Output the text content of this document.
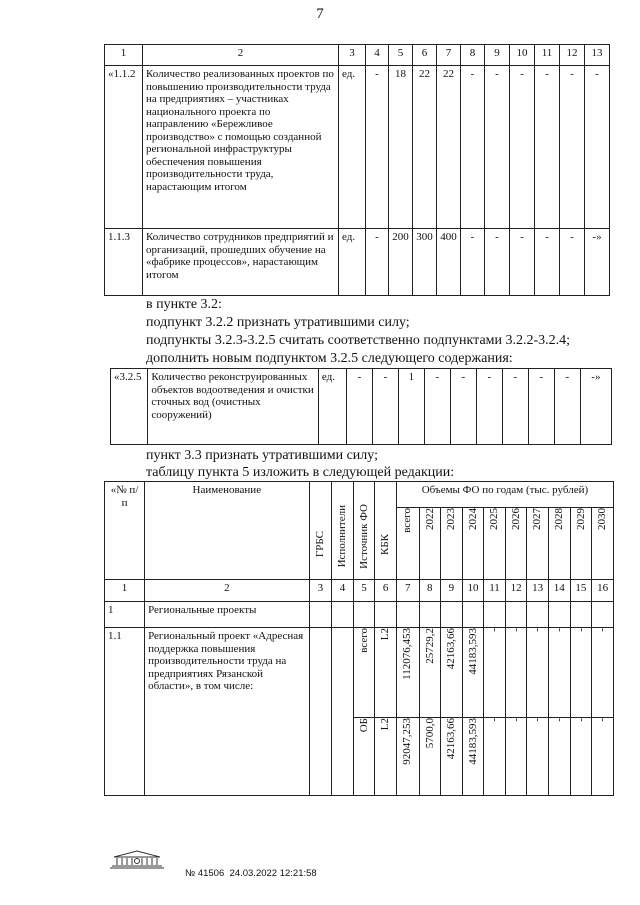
7
1	2	3	4	5	6	7	8	9	10	11	12	13
«1.1.2	Количество реализованных проектов по повышению производительности труда на предприятиях – участниках национального проекта по направлению «Бережливое производство» с помощью созданной региональной инфраструктуры обеспечения повышения производительности труда, нарастающим итогом	ед.	-	18	22	22	-	-	-	-	-	-
1.1.3	Количество сотрудников предприятий и организаций, прошедших обучение на «фабрике процессов», нарастающим итогом	ед.	-	200	300	400	-	-	-	-	-	-»
в пункте 3.2:
подпункт 3.2.2 признать утратившими силу;
подпункты 3.2.3-3.2.5 считать соответственно подпунктами 3.2.2-3.2.4;
дополнить новым подпунктом 3.2.5 следующего содержания:
«3.2.5	Количество реконструированных объектов водоотведения и очистки сточных вод (очистных сооружений)	ед.	-	-	1	-	-	-	-	-	-	-»
пункт 3.3 признать утратившими силу;
таблицу пункта 5 изложить в следующей редакции:
«№ п/п	Наименование	ГРБС	Исполнители	Источник ФО	КБК	Объемы ФО по годам (тыс. рублей)									

						всего	2022	2023	2024	2025	2026	2027	2028	2029	2030

1	2	3	4	5	6	7	8	9	10	11	12	13	14	15	16
1	Региональные проекты														
1.1	Региональный проект «Адресная поддержка повышения производительности труда на предприятиях Рязанской области», в том числе:			всего	L2	112076,453	25729,2	42163,66	44183,593	-	-	-	-	-	-

				ОБ	L2	92047,253	5700,0	42163,66	44183,593	-	-	-	-	-	-
№ 41506 24.03.2022 12:21:58
